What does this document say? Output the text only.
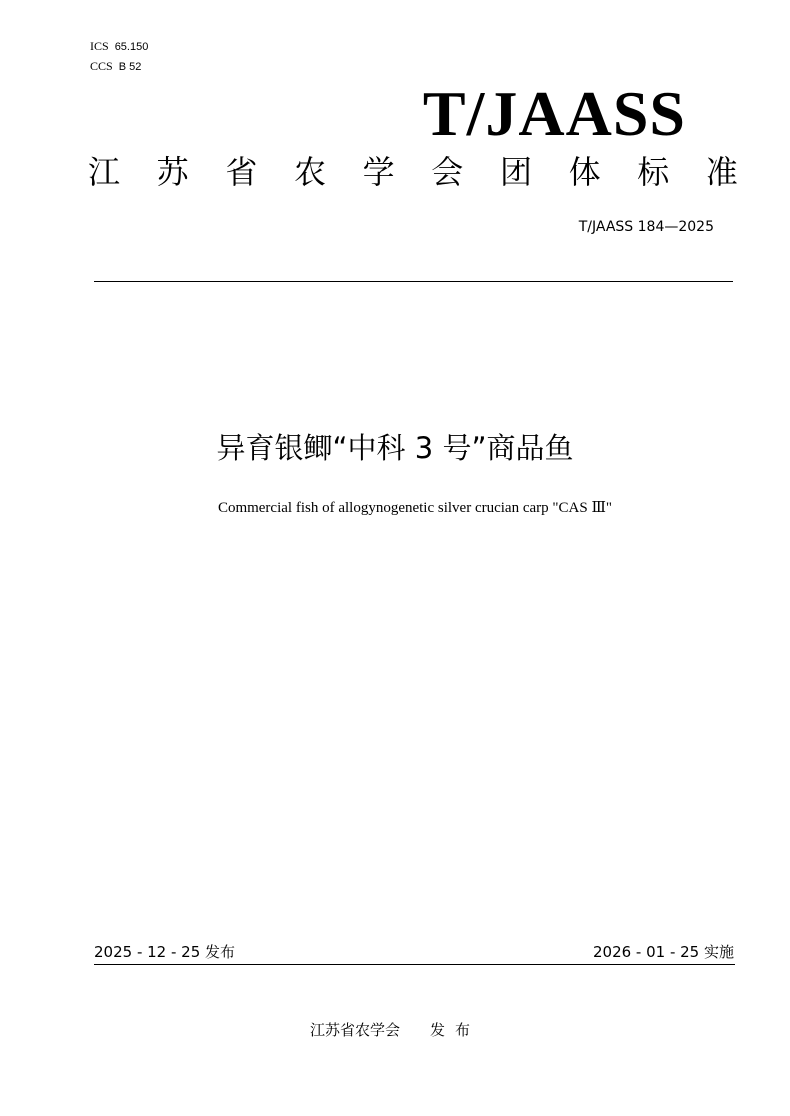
ICS 65.150
CCS B 52
T/JAASS
江 苏 省 农 学 会 团 体 标 准
T/JAASS 184—2025
异育银鲫“中科 3 号”商品鱼
Commercial fish of allogynogenetic silver crucian carp "CAS Ⅲ"
2025 - 12 - 25 发布	2026 - 01 - 25 实施
江苏省农学会 发布
